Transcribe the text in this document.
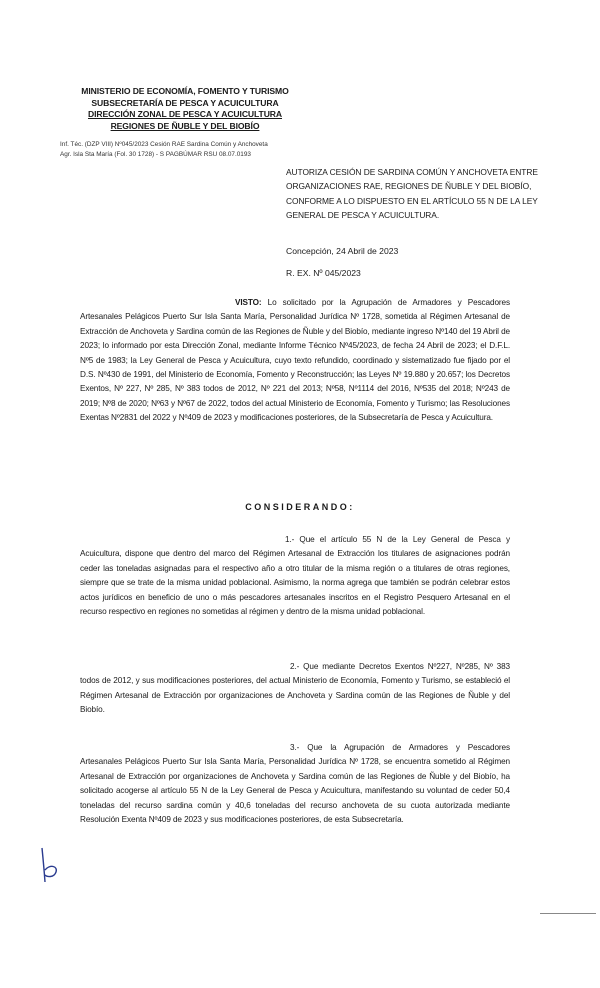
MINISTERIO DE ECONOMÍA, FOMENTO Y TURISMO
SUBSECRETARÍA DE PESCA Y ACUICULTURA
DIRECCIÓN ZONAL DE PESCA Y ACUICULTURA
REGIONES DE ÑUBLE Y DEL BIOBÍO
Inf. Téc. (DZP VIII) Nº045/2023 Cesión RAE Sardina Común y Anchoveta
Agr. Isla Sta María (Fol. 30 1728) - S PAGBÚMAR RSU 08.07.0193
AUTORIZA CESIÓN DE SARDINA COMÚN Y ANCHOVETA ENTRE ORGANIZACIONES RAE, REGIONES DE ÑUBLE Y DEL BIOBÍO, CONFORME A LO DISPUESTO EN EL ARTÍCULO 55 N DE LA LEY GENERAL DE PESCA Y ACUICULTURA.
Concepción, 24 Abril de 2023
R. EX. Nº 045/2023
VISTO: Lo solicitado por la Agrupación de Armadores y Pescadores Artesanales Pelágicos Puerto Sur Isla Santa María, Personalidad Jurídica Nº 1728, sometida al Régimen Artesanal de Extracción de Anchoveta y Sardina común de las Regiones de Ñuble y del Biobío, mediante ingreso Nº140 del 19 Abril de 2023; lo informado por esta Dirección Zonal, mediante Informe Técnico Nº45/2023, de fecha 24 Abril de 2023; el D.F.L. Nº5 de 1983; la Ley General de Pesca y Acuicultura, cuyo texto refundido, coordinado y sistematizado fue fijado por el D.S. Nº430 de 1991, del Ministerio de Economía, Fomento y Reconstrucción; las Leyes Nº 19.880 y 20.657; los Decretos Exentos, Nº 227, Nº 285, Nº 383 todos de 2012, Nº 221 del 2013; Nº58, Nº1114 del 2016, Nº535 del 2018; Nº243 de 2019; Nº8 de 2020; Nº63 y Nº67 de 2022, todos del actual Ministerio de Economía, Fomento y Turismo; las Resoluciones Exentas Nº2831 del 2022 y Nº409 de 2023 y modificaciones posteriores, de la Subsecretaría de Pesca y Acuicultura.
CONSIDERANDO:
1.- Que el artículo 55 N de la Ley General de Pesca y Acuicultura, dispone que dentro del marco del Régimen Artesanal de Extracción los titulares de asignaciones podrán ceder las toneladas asignadas para el respectivo año a otro titular de la misma región o a titulares de otras regiones, siempre que se trate de la misma unidad poblacional. Asimismo, la norma agrega que también se podrán celebrar estos actos jurídicos en beneficio de uno o más pescadores artesanales inscritos en el Registro Pesquero Artesanal en el recurso respectivo en regiones no sometidas al régimen y dentro de la misma unidad poblacional.
2.- Que mediante Decretos Exentos Nº227, Nº285, Nº 383 todos de 2012, y sus modificaciones posteriores, del actual Ministerio de Economía, Fomento y Turismo, se estableció el Régimen Artesanal de Extracción por organizaciones de Anchoveta y Sardina común de las Regiones de Ñuble y del Biobío.
3.- Que la Agrupación de Armadores y Pescadores Artesanales Pelágicos Puerto Sur Isla Santa María, Personalidad Jurídica Nº 1728, se encuentra sometido al Régimen Artesanal de Extracción por organizaciones de Anchoveta y Sardina común de las Regiones de Ñuble y del Biobío, ha solicitado acogerse al artículo 55 N de la Ley General de Pesca y Acuicultura, manifestando su voluntad de ceder 50,4 toneladas del recurso sardina común y 40,6 toneladas del recurso anchoveta de su cuota autorizada mediante Resolución Exenta Nº409 de 2023 y sus modificaciones posteriores, de esta Subsecretaría.
